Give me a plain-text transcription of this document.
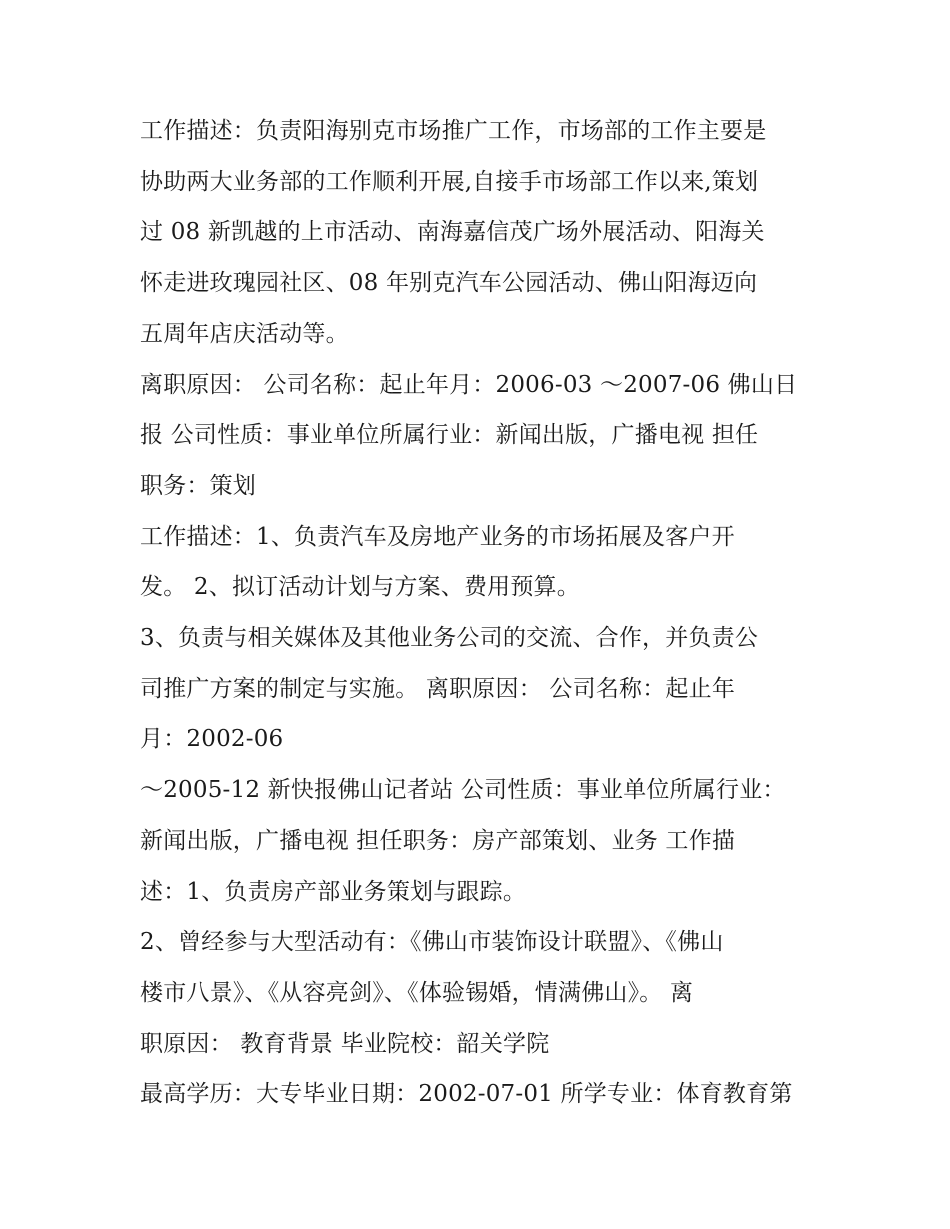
工作描述：负责阳海别克市场推广工作，市场部的工作主要是

协助两大业务部的工作顺利开展,自接手市场部工作以来,策划

过 08 新凯越的上市活动、南海嘉信茂广场外展活动、阳海关

怀走进玫瑰园社区、08 年别克汽车公园活动、佛山阳海迈向

五周年店庆活动等。

离职原因： 公司名称：起止年月：2006-03 ～2007-06 佛山日

报 公司性质：事业单位所属行业：新闻出版，广播电视 担任

职务：策划

工作描述：1、负责汽车及房地产业务的市场拓展及客户开

发。 2、拟订活动计划与方案、费用预算。

3、负责与相关媒体及其他业务公司的交流、合作，并负责公

司推广方案的制定与实施。 离职原因： 公司名称：起止年

月：2002-06

～2005-12 新快报佛山记者站 公司性质：事业单位所属行业：

新闻出版，广播电视 担任职务：房产部策划、业务 工作描

述：1、负责房产部业务策划与跟踪。

2、曾经参与大型活动有：《佛山市装饰设计联盟》、《佛山

楼市八景》、《从容亮剑》、《体验锡婚，情满佛山》。 离

职原因： 教育背景 毕业院校：韶关学院

最高学历：大专毕业日期：2002-07-01 所学专业：体育教育第
